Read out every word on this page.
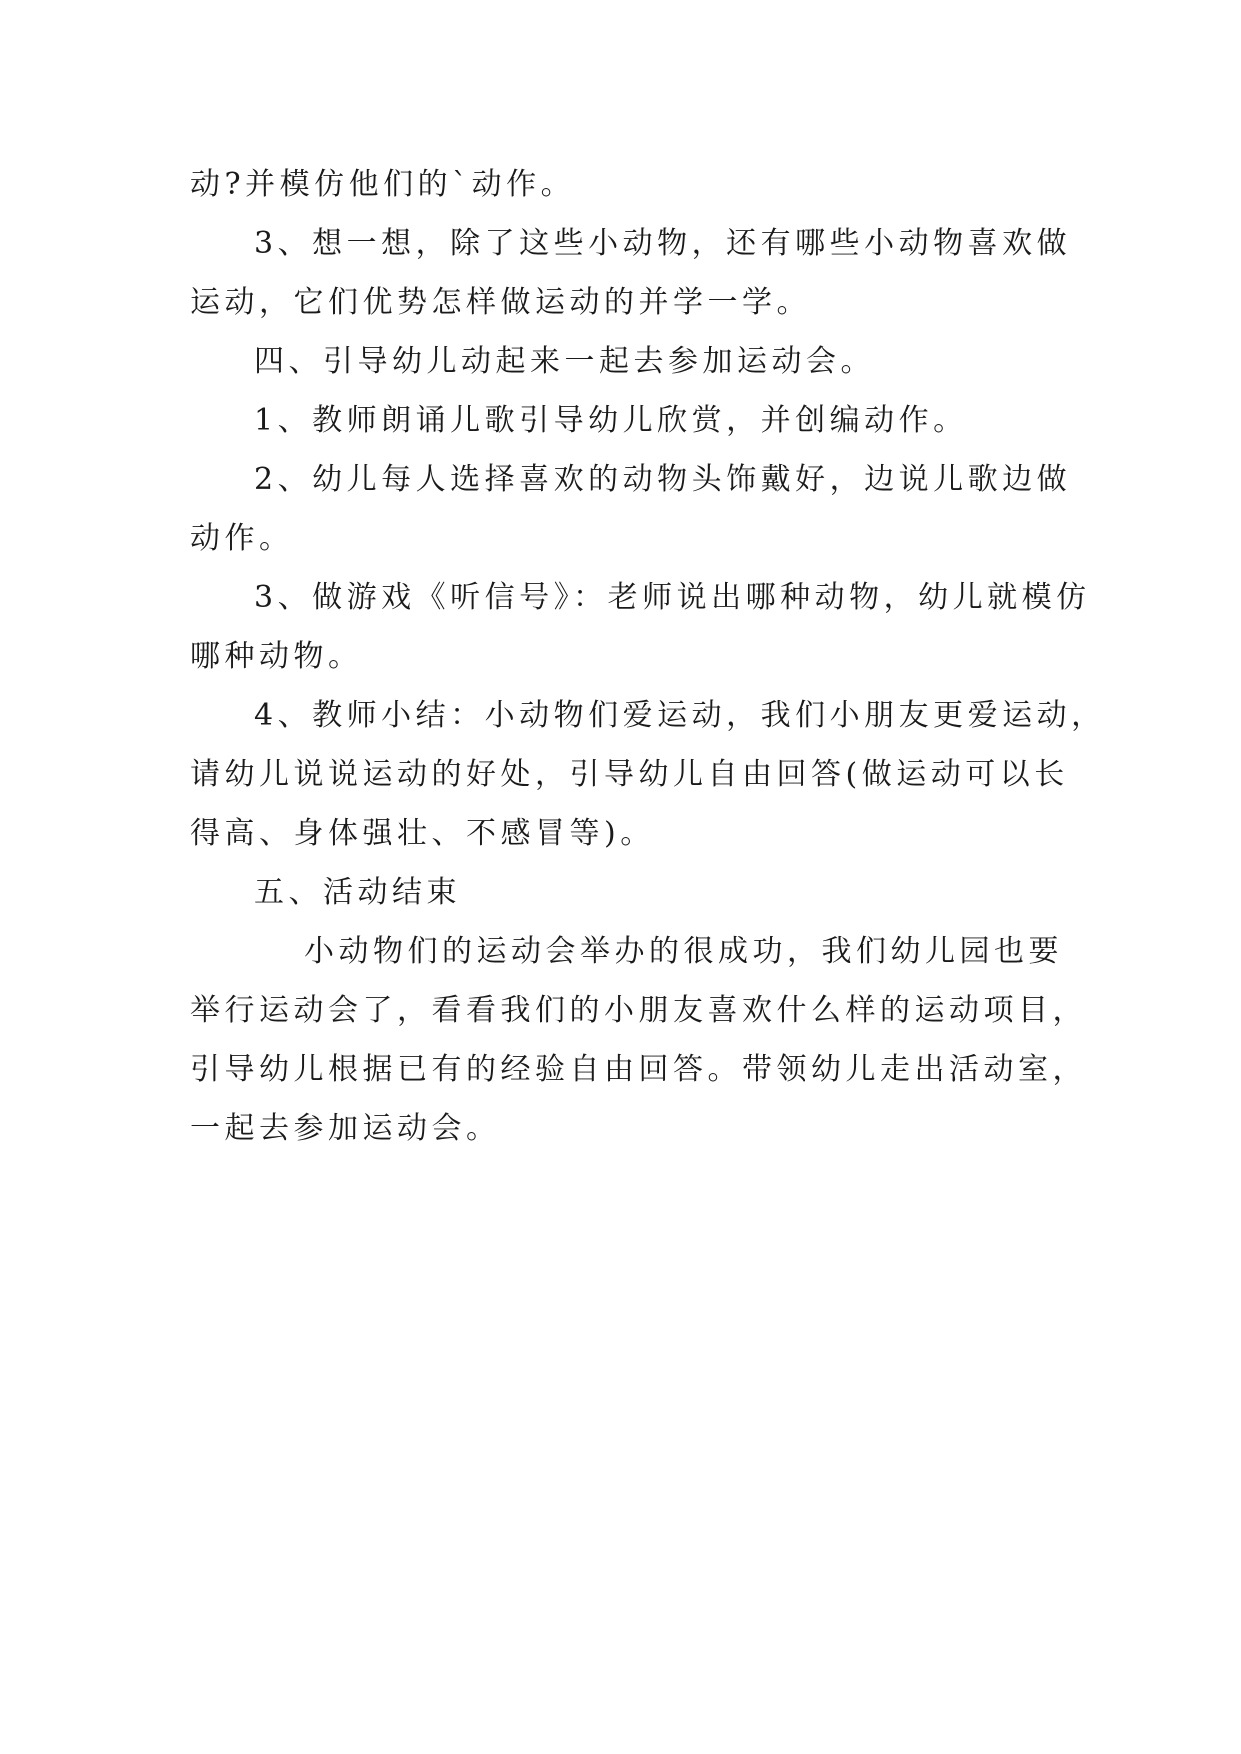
动?并模仿他们的`动作。
3、想一想，除了这些小动物，还有哪些小动物喜欢做
运动，它们优势怎样做运动的并学一学。
四、引导幼儿动起来一起去参加运动会。
1、教师朗诵儿歌引导幼儿欣赏，并创编动作。
2、幼儿每人选择喜欢的动物头饰戴好，边说儿歌边做
动作。
3、做游戏《听信号》：老师说出哪种动物，幼儿就模仿
哪种动物。
4、教师小结：小动物们爱运动，我们小朋友更爱运动，
请幼儿说说运动的好处，引导幼儿自由回答(做运动可以长
得高、身体强壮、不感冒等)。
五、活动结束
小动物们的运动会举办的很成功，我们幼儿园也要
举行运动会了，看看我们的小朋友喜欢什么样的运动项目，
引导幼儿根据已有的经验自由回答。带领幼儿走出活动室，
一起去参加运动会。
